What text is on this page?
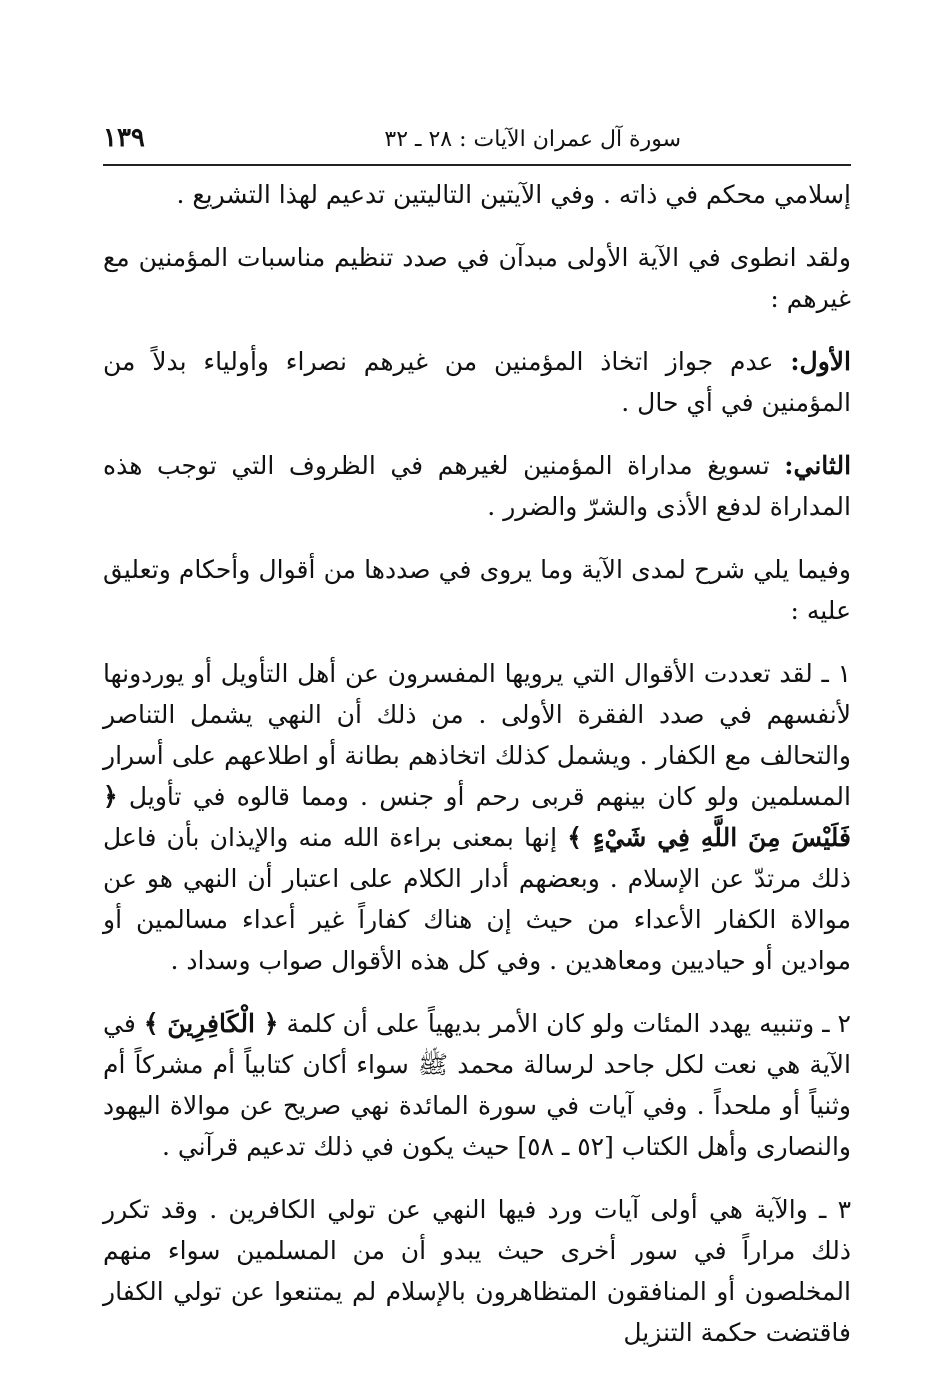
سورة آل عمران الآيات : ٢٨ ـ ٣٢
١٣٩

إسلامي محكم في ذاته . وفي الآيتين التاليتين تدعيم لهذا التشريع .

ولقد انطوى في الآية الأولى مبدآن في صدد تنظيم مناسبات المؤمنين مع غيرهم :

الأول: عدم جواز اتخاذ المؤمنين من غيرهم نصراء وأولياء بدلاً من المؤمنين في أي حال .

الثاني: تسويغ مداراة المؤمنين لغيرهم في الظروف التي توجب هذه المداراة لدفع الأذى والشرّ والضرر .

وفيما يلي شرح لمدى الآية وما يروى في صددها من أقوال وأحكام وتعليق عليه :

١ ـ لقد تعددت الأقوال التي يرويها المفسرون عن أهل التأويل أو يوردونها لأنفسهم في صدد الفقرة الأولى . من ذلك أن النهي يشمل التناصر والتحالف مع الكفار . ويشمل كذلك اتخاذهم بطانة أو اطلاعهم على أسرار المسلمين ولو كان بينهم قربى رحم أو جنس . ومما قالوه في تأويل ﴿ فَلَيْسَ مِنَ اللَّهِ فِي شَيْءٍ ﴾ إنها بمعنى براءة الله منه والإيذان بأن فاعل ذلك مرتدّ عن الإسلام . وبعضهم أدار الكلام على اعتبار أن النهي هو عن موالاة الكفار الأعداء من حيث إن هناك كفاراً غير أعداء مسالمين أو موادين أو حياديين ومعاهدين . وفي كل هذه الأقوال صواب وسداد .

٢ ـ وتنبيه يهدد المئات ولو كان الأمر بديهياً على أن كلمة ﴿ الْكَافِرِينَ ﴾ في الآية هي نعت لكل جاحد لرسالة محمد ﷺ سواء أكان كتابياً أم مشركاً أم وثنياً أو ملحداً . وفي آيات في سورة المائدة نهي صريح عن موالاة اليهود والنصارى وأهل الكتاب [٥٢ ـ ٥٨] حيث يكون في ذلك تدعيم قرآني .

٣ ـ والآية هي أولى آيات ورد فيها النهي عن تولي الكافرين . وقد تكرر ذلك مراراً في سور أخرى حيث يبدو أن من المسلمين سواء منهم المخلصون أو المنافقون المتظاهرون بالإسلام لم يمتنعوا عن تولي الكفار فاقتضت حكمة التنزيل
